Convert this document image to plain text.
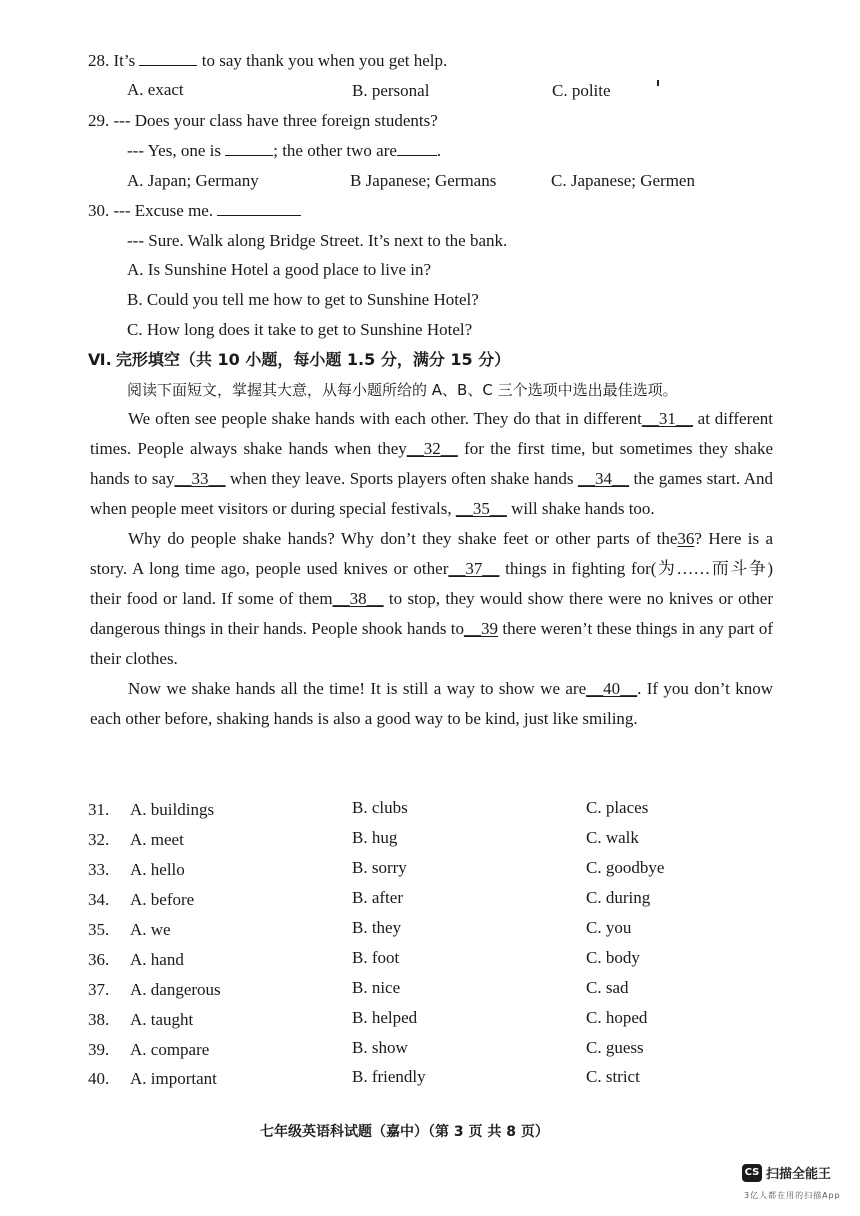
28. It’s	to say thank you when you get help.
A. exact	B. personal	C. polite
29. --- Does your class have three foreign students?
--- Yes, one is	; the other two are .
A. Japan; Germany	B Japanese; Germans	C. Japanese; Germen
30. --- Excuse me.
--- Sure. Walk along Bridge Street. It’s next to the bank.
A. Is Sunshine Hotel a good place to live in?
B. Could you tell me how to get to Sunshine Hotel?
C. How long does it take to get to Sunshine Hotel?
Ⅵ. 完形填空（共 10 小题，每小题 1.5 分，满分 15 分）
阅读下面短文，掌握其大意，从每小题所给的 A、B、C 三个选项中选出最佳选项。

We often see people shake hands with each other. They do that in different__31__ at different times. People always shake hands when they__32__ for the first time, but sometimes they shake hands to say__33__ when they leave. Sports players often shake hands __34__ the games start. And when people meet visitors or during special festivals, __35__ will shake hands too.

Why do people shake hands? Why don’t they shake feet or other parts of the36? Here is a story. A long time ago, people used knives or other__37__ things in fighting for(为……而斗争) their food or land. If some of them__38__ to stop, they would show there were no knives or other dangerous things in their hands. People shook hands to__39 there weren’t these things in any part of their clothes.

Now we shake hands all the time! It is still a way to show we are__40__. If you don’t know each other before, shaking hands is also a good way to be kind, just like smiling.

31. A. buildings	B. clubs	C. places
32. A. meet	B. hug	C. walk
33. A. hello	B. sorry	C. goodbye
34. A. before	B. after	C. during
35. A. we	B. they	C. you
36. A. hand	B. foot	C. body
37. A. dangerous	B. nice	C. sad
38. A. taught	B. helped	C. hoped
39. A. compare	B. show	C. guess
40. A. important	B. friendly	C. strict
七年级英语科试题（嘉中）（第 3 页 共 8 页）
CS 扫描全能王
3亿人都在用的扫描App
